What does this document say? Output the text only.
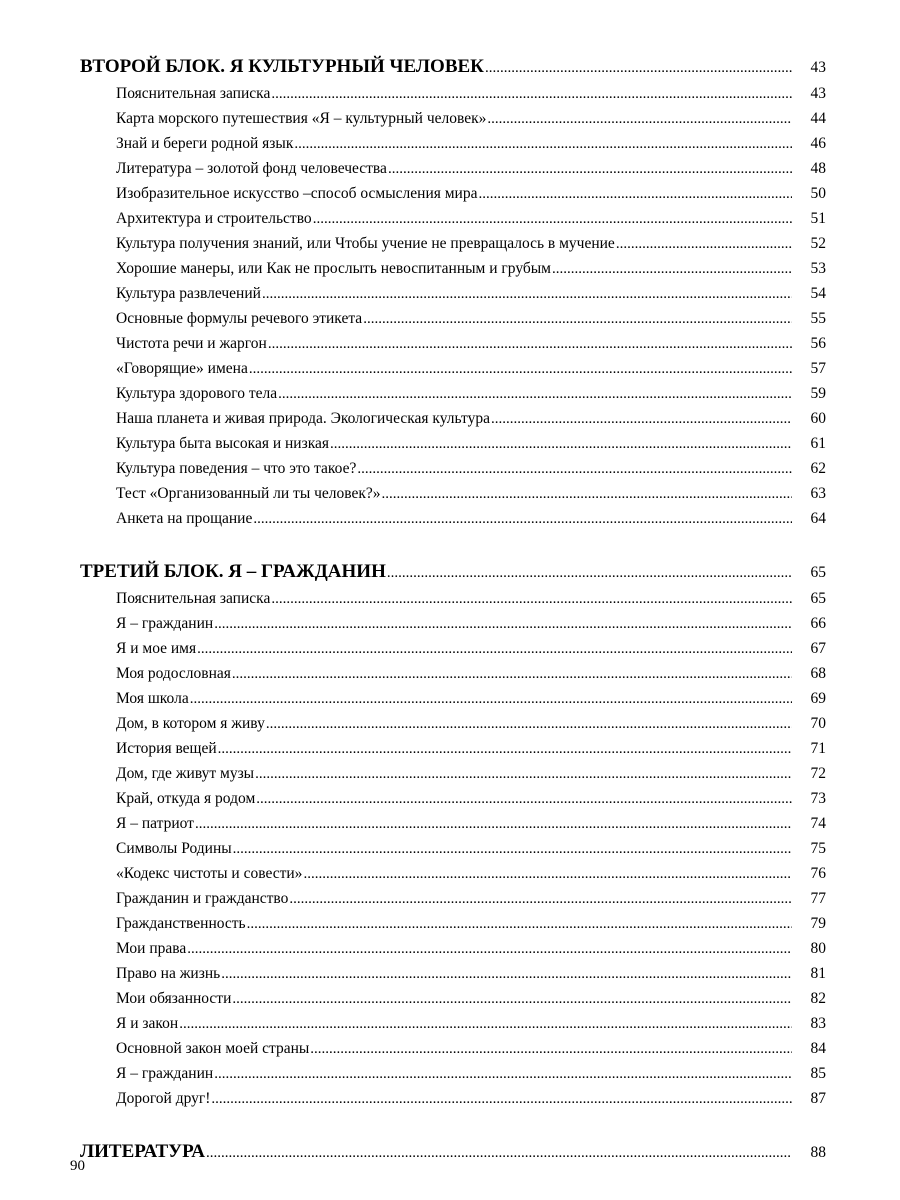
ВТОРОЙ БЛОК. Я КУЛЬТУРНЫЙ ЧЕЛОВЕК .....	43
Пояснительная записка .....	43
Карта морского путешествия «Я – культурный человек» .....	44
Знай и береги родной язык .....	46
Литература – золотой фонд человечества .....	48
Изобразительное искусство –способ осмысления мира .....	50
Архитектура и строительство .....	51
Культура получения знаний, или Чтобы учение не превращалось в мучение .....	52
Хорошие манеры, или Как не прослыть невоспитанным и грубым .....	53
Культура развлечений .....	54
Основные формулы речевого этикета .....	55
Чистота речи и жаргон .....	56
«Говорящие» имена .....	57
Культура здорового тела .....	59
Наша планета и живая природа. Экологическая культура .....	60
Культура быта высокая и низкая .....	61
Культура поведения – что это такое? .....	62
Тест «Организованный ли ты человек?» .....	63
Анкета на прощание .....	64
ТРЕТИЙ БЛОК. Я – ГРАЖДАНИН .....	65
Пояснительная записка .....	65
Я – гражданин .....	66
Я и мое имя .....	67
Моя родословная .....	68
Моя школа .....	69
Дом, в котором я живу .....	70
История вещей .....	71
Дом, где живут музы .....	72
Край, откуда я родом .....	73
Я – патриот .....	74
Символы Родины .....	75
«Кодекс чистоты и совести» .....	76
Гражданин и гражданство .....	77
Гражданственность .....	79
Мои права .....	80
Право на жизнь .....	81
Мои обязанности .....	82
Я и закон .....	83
Основной закон моей страны .....	84
Я – гражданин .....	85
Дорогой друг! .....	87
ЛИТЕРАТУРА .....	88
90
